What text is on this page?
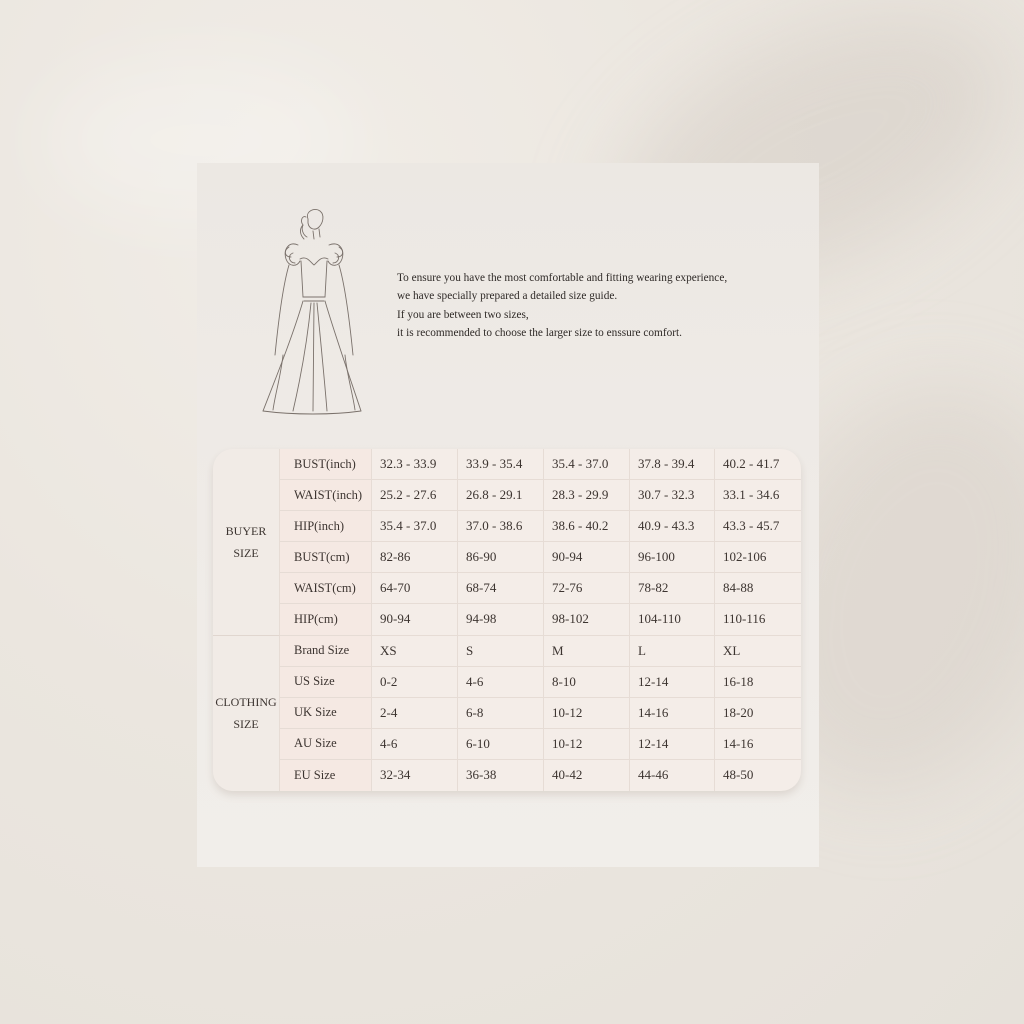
To ensure you have the most comfortable and fitting wearing experience,
we have specially prepared a detailed size guide.
If you are between two sizes,
it is recommended to choose the larger size to enssure comfort.
BUYER
SIZE
CLOTHING
SIZE
BUST(inch)	32.3 - 33.9	33.9 - 35.4	35.4 - 37.0	37.8 - 39.4	40.2 - 41.7
WAIST(inch)	25.2 - 27.6	26.8 - 29.1	28.3 - 29.9	30.7 - 32.3	33.1 - 34.6
HIP(inch)	35.4 - 37.0	37.0 - 38.6	38.6 - 40.2	40.9 - 43.3	43.3 - 45.7
BUST(cm)	82-86	86-90	90-94	96-100	102-106
WAIST(cm)	64-70	68-74	72-76	78-82	84-88
HIP(cm)	90-94	94-98	98-102	104-110	110-116
Brand Size	XS	S	M	L	XL
US Size	0-2	4-6	8-10	12-14	16-18
UK Size	2-4	6-8	10-12	14-16	18-20
AU Size	4-6	6-10	10-12	12-14	14-16
EU Size	32-34	36-38	40-42	44-46	48-50
